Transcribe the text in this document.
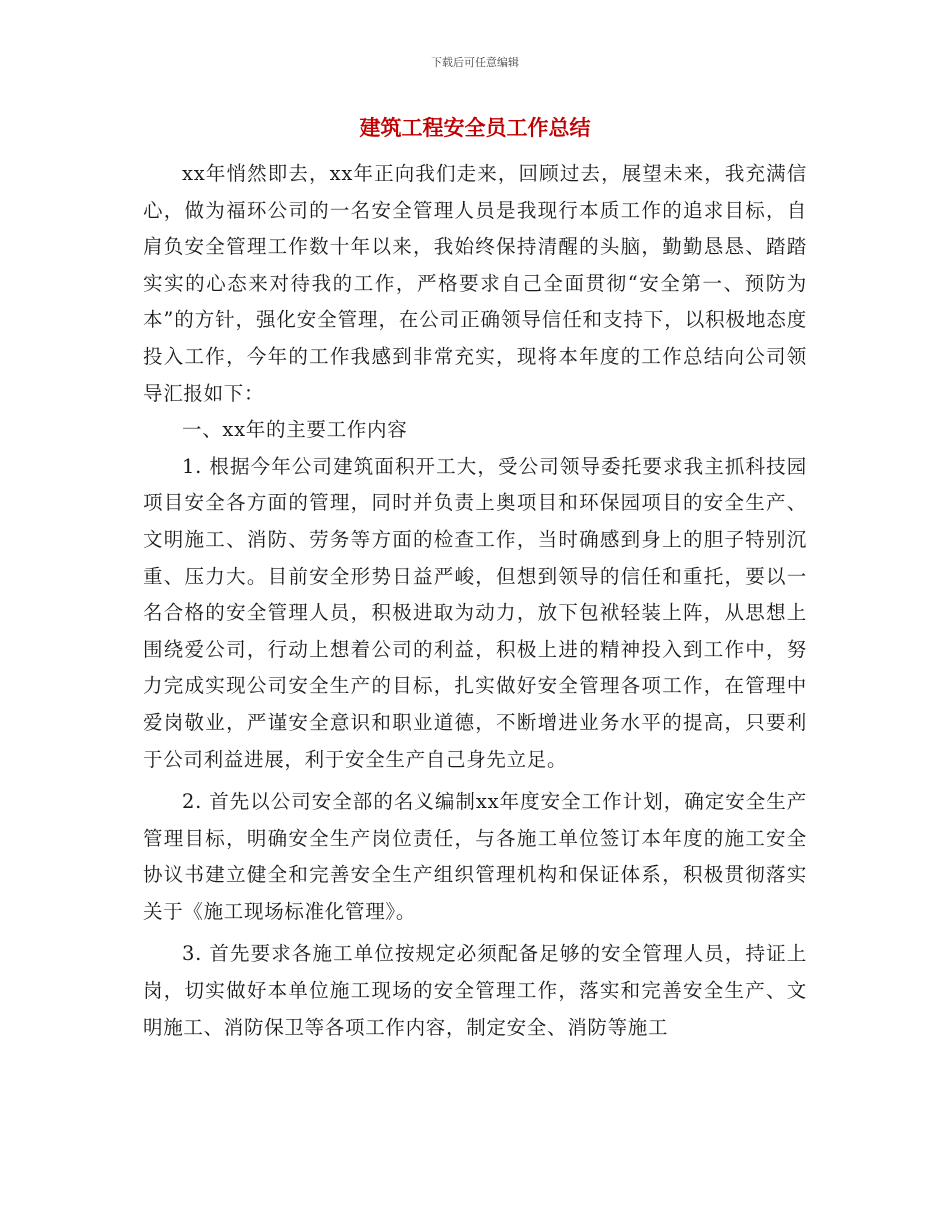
下载后可任意编辑
建筑工程安全员工作总结

xx年悄然即去，xx年正向我们走来，回顾过去，展望未来，我充满信心，做为福环公司的一名安全管理人员是我现行本质工作的追求目标，自肩负安全管理工作数十年以来，我始终保持清醒的头脑，勤勤恳恳、踏踏实实的心态来对待我的工作，严格要求自己全面贯彻“安全第一、预防为本”的方针，强化安全管理，在公司正确领导信任和支持下，以积极地态度投入工作，今年的工作我感到非常充实，现将本年度的工作总结向公司领导汇报如下：

一、xx年的主要工作内容

1. 根据今年公司建筑面积开工大，受公司领导委托要求我主抓科技园项目安全各方面的管理，同时并负责上奥项目和环保园项目的安全生产、文明施工、消防、劳务等方面的检查工作，当时确感到身上的胆子特别沉重、压力大。目前安全形势日益严峻，但想到领导的信任和重托，要以一名合格的安全管理人员，积极进取为动力，放下包袱轻装上阵，从思想上围绕爱公司，行动上想着公司的利益，积极上进的精神投入到工作中，努力完成实现公司安全生产的目标，扎实做好安全管理各项工作，在管理中爱岗敬业，严谨安全意识和职业道德，不断增进业务水平的提高，只要利于公司利益进展，利于安全生产自己身先立足。

2. 首先以公司安全部的名义编制xx年度安全工作计划，确定安全生产管理目标，明确安全生产岗位责任，与各施工单位签订本年度的施工安全协议书建立健全和完善安全生产组织管理机构和保证体系，积极贯彻落实关于《施工现场标准化管理》。

3. 首先要求各施工单位按规定必须配备足够的安全管理人员，持证上岗，切实做好本单位施工现场的安全管理工作，落实和完善安全生产、文明施工、消防保卫等各项工作内容，制定安全、消防等施工
